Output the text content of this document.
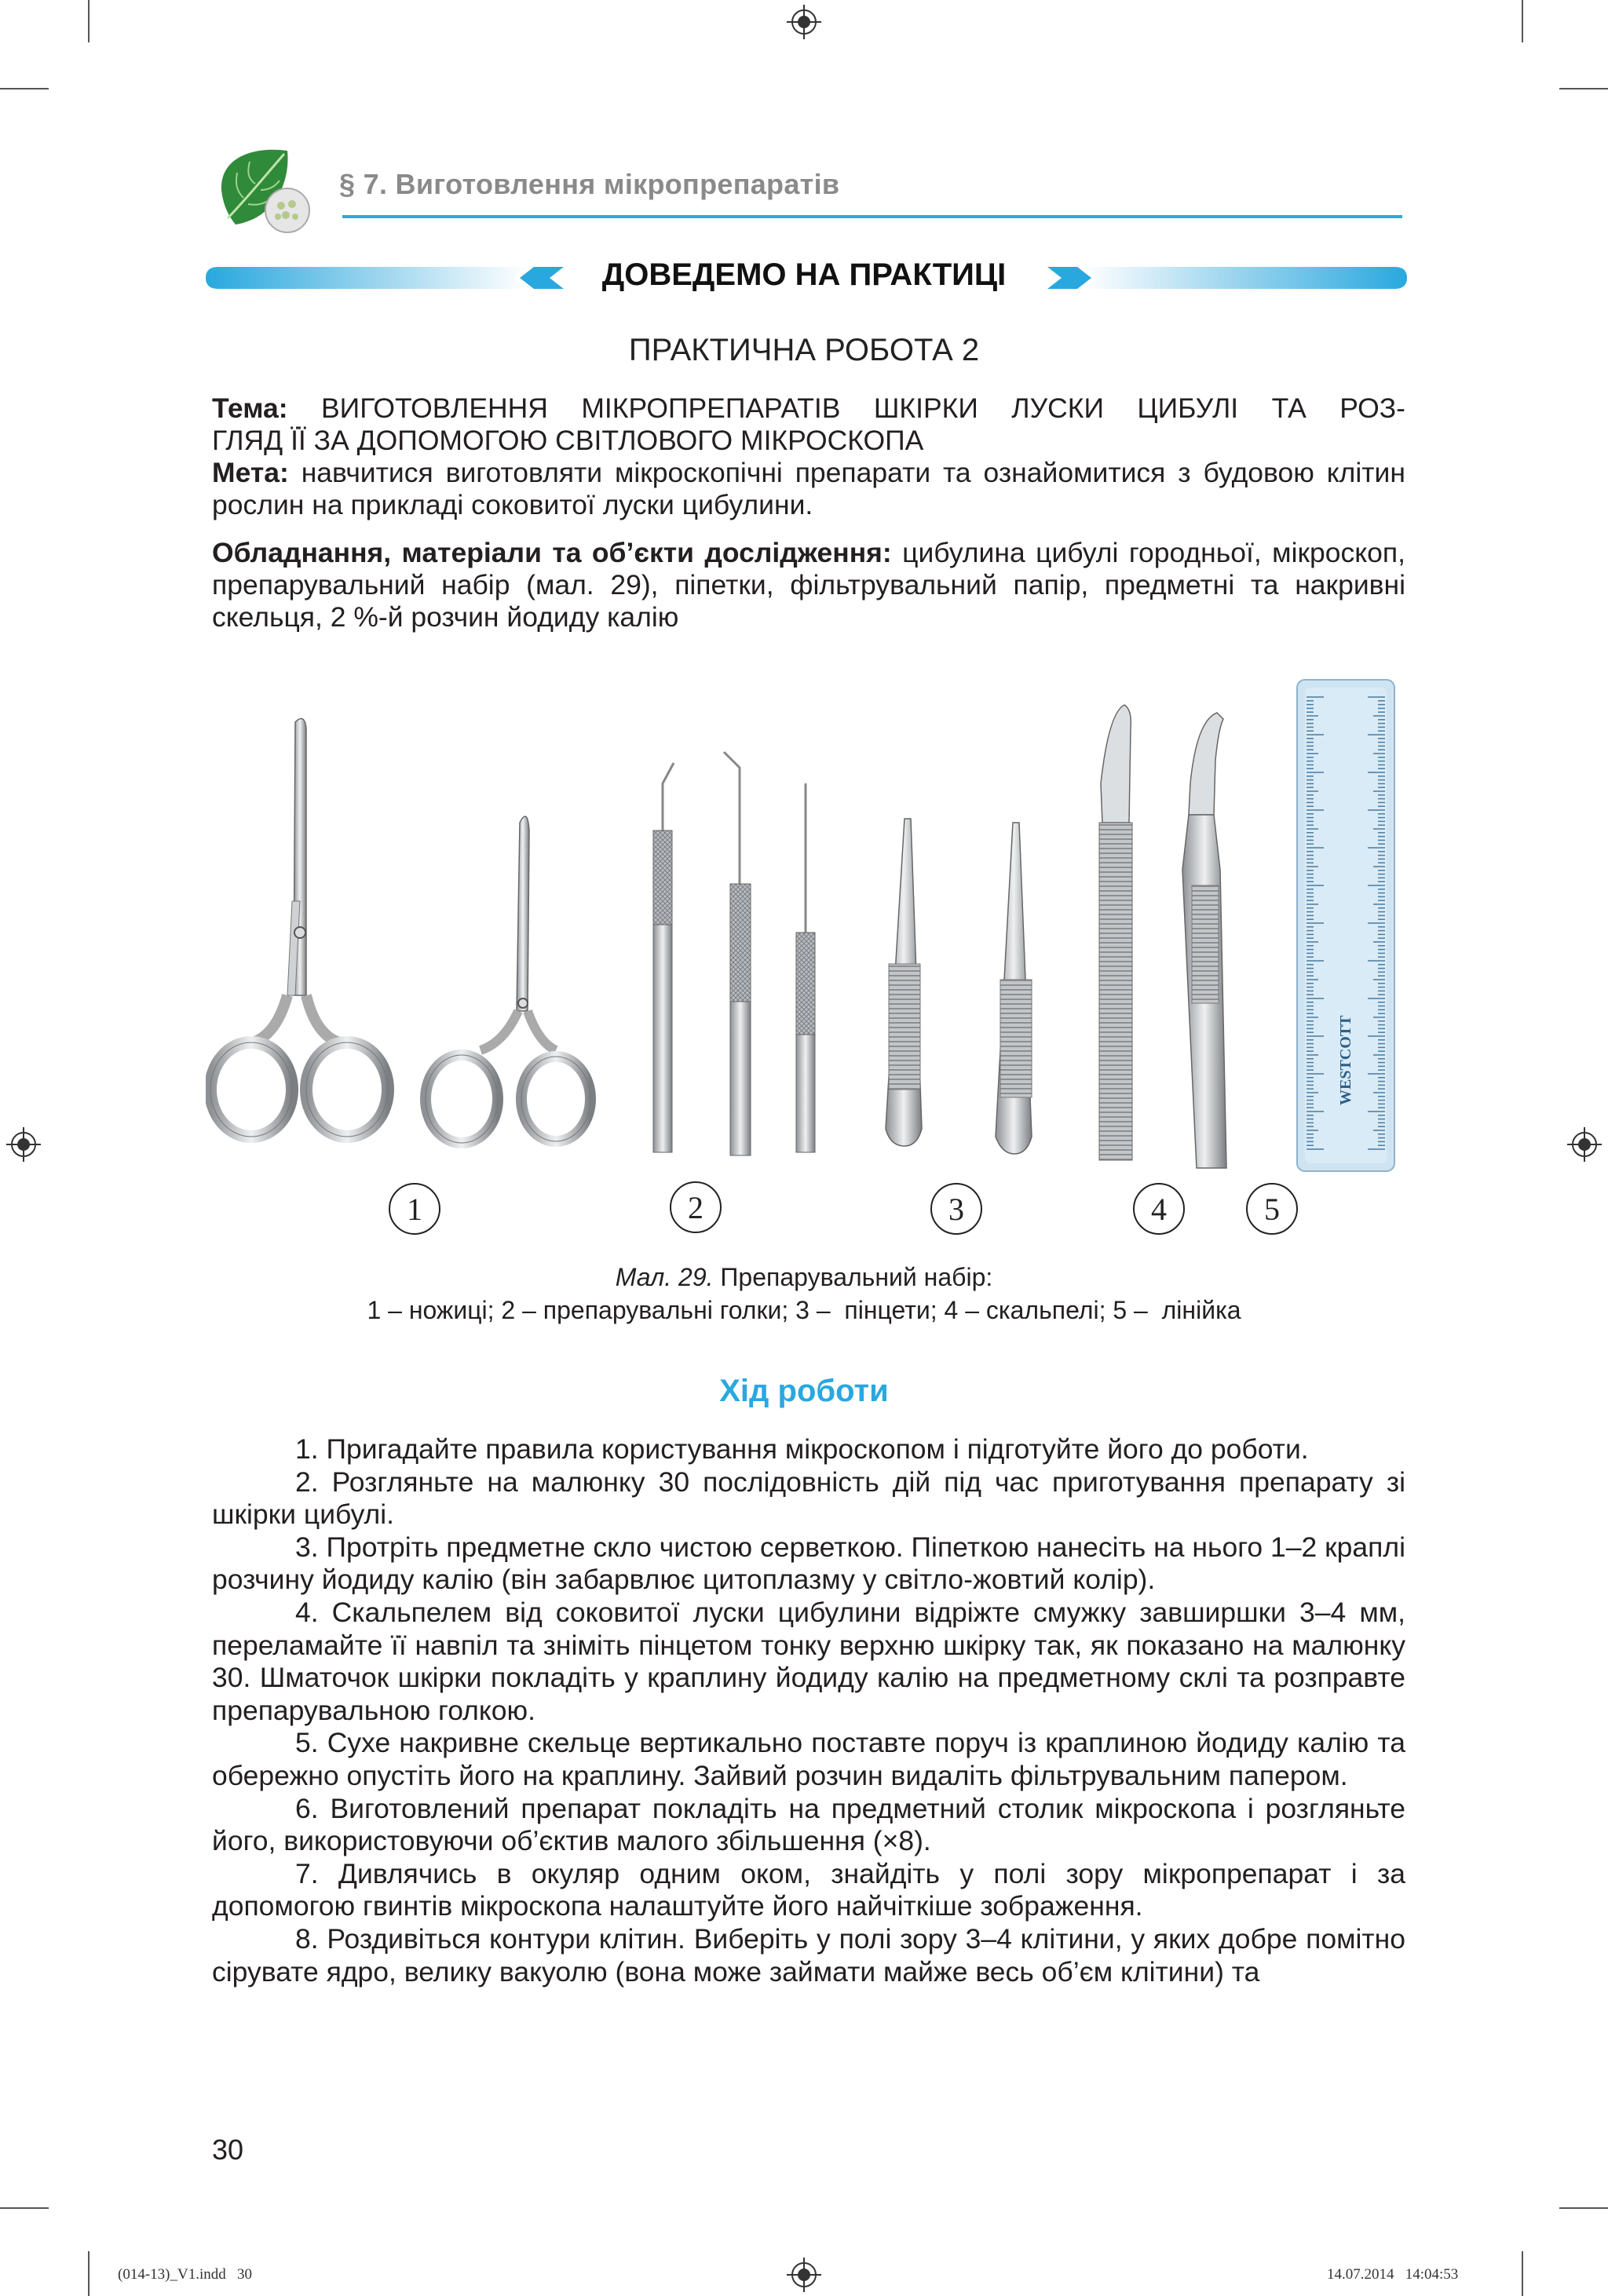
§ 7. Виготовлення мікропрепаратів
ДОВЕДЕМО НА ПРАКТИЦІ
ПРАКТИЧНА РОБОТА 2

Тема: ВИГОТОВЛЕННЯ МІКРОПРЕПАРАТІВ ШКІРКИ ЛУСКИ ЦИБУЛІ ТА РОЗ-

ГЛЯД ЇЇ ЗА ДОПОМОГОЮ СВІТЛОВОГО МІКРОСКОПА

Мета: навчитися виготовляти мікроскопічні препарати та ознайомитися з будовою клітин рослин на прикладі соковитої луски цибулини.

Обладнання, матеріали та об’єкти дослідження: цибулина цибулі городньої, мікроскоп, препарувальний набір (мал. 29), піпетки, фільтрувальний папір, предметні та накривні скельця, 2 %-й розчин йодиду калію

WESTCOTT
1	2	3	4	5
Мал. 29. Препарувальний набір:
1 – ножиці; 2 – препарувальні голки; 3 –  пінцети; 4 – скальпелі; 5 –  лінійка
Хід роботи

1. Пригадайте правила користування мікроскопом і підготуйте його до роботи.

2. Розгляньте на малюнку 30 послідовність дій під час приготування препарату зі шкірки цибулі.

3. Протріть предметне скло чистою серветкою. Піпеткою нанесіть на нього 1–2 краплі розчину йодиду калію (він забарвлює цитоплазму у світло-жовтий колір).

4. Скальпелем від соковитої луски цибулини відріжте смужку завширшки 3–4 мм, переламайте її навпіл та зніміть пінцетом тонку верхню шкірку так, як показано на малюнку 30. Шматочок шкірки покладіть у краплину йодиду калію на предметному склі та розправте препарувальною голкою.

5. Сухе накривне скельце вертикально поставте поруч із краплиною йодиду калію та обережно опустіть його на краплину. Зайвий розчин видаліть фільтрувальним папером.

6. Виготовлений препарат покладіть на предметний столик мікроскопа і розгляньте його, використовуючи об’єктив малого збільшення (×8).

7. Дивлячись в окуляр одним оком, знайдіть у полі зору мікропрепарат і за допомогою гвинтів мікроскопа налаштуйте його найчіткіше зображення.

8. Роздивіться контури клітин. Виберіть у полі зору 3–4 клітини, у яких добре помітно сірувате ядро, велику вакуолю (вона може займати майже весь об’єм клітини) та

30
(014-13)_V1.indd   30	14.07.2014   14:04:53
